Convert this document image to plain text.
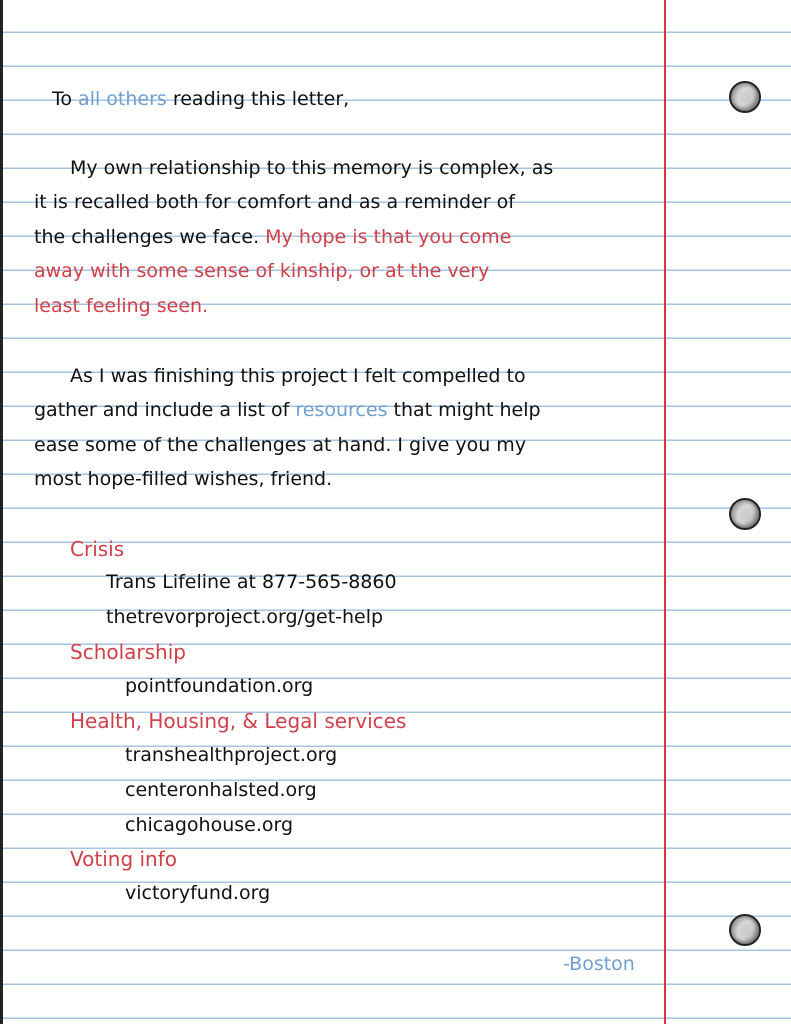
To all others reading this letter,
My own relationship to this memory is complex, as
it is recalled both for comfort and as a reminder of
the challenges we face. My hope is that you come
away with some sense of kinship, or at the very
least feeling seen.
As I was finishing this project I felt compelled to
gather and include a list of resources that might help
ease some of the challenges at hand. I give you my
most hope-filled wishes, friend.
Crisis
Trans Lifeline at 877-565-8860
thetrevorproject.org/get-help
Scholarship
pointfoundation.org
Health, Housing, & Legal services
transhealthproject.org
centeronhalsted.org
chicagohouse.org
Voting info
victoryfund.org
-Boston
